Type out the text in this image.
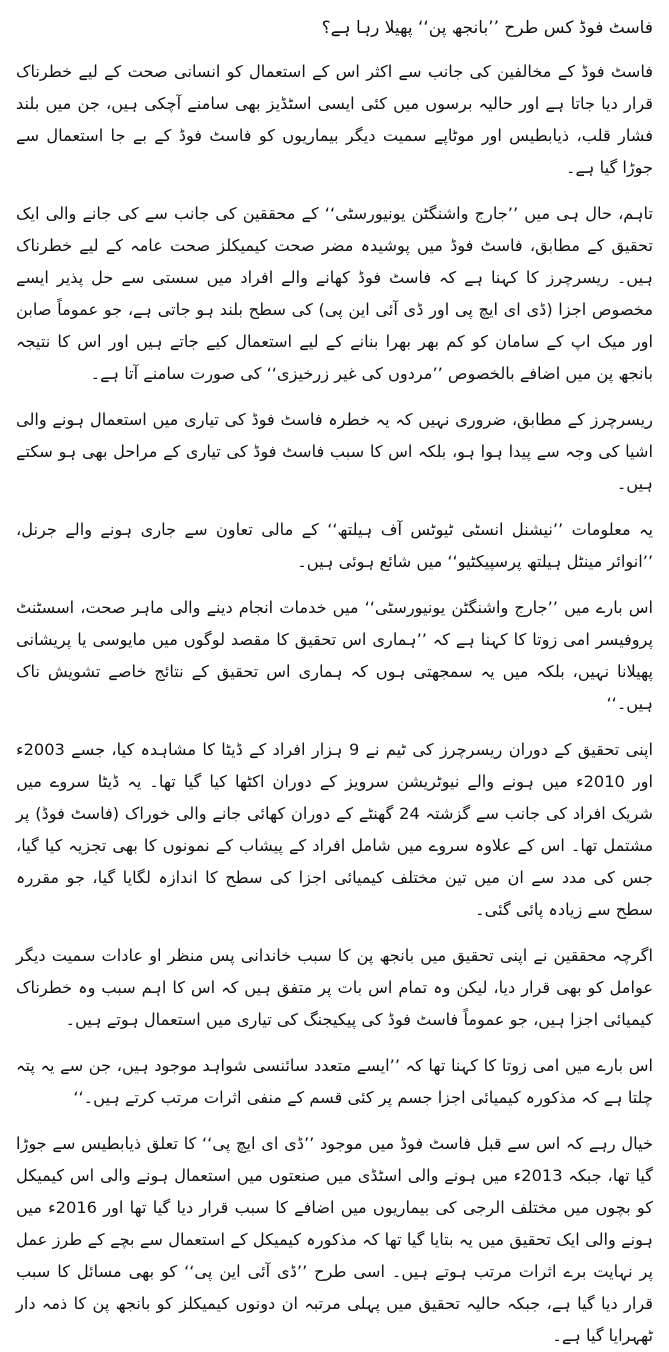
فاسٹ فوڈ کس طرح ’’بانجھ پن‘‘ پھیلا رہا ہے؟

فاسٹ فوڈ کے مخالفین کی جانب سے اکثر اس کے استعمال کو انسانی صحت کے لیے خطرناک قرار دیا جاتا ہے اور حالیہ برسوں میں کئی ایسی اسٹڈیز بھی سامنے آچکی ہیں، جن میں بلند فشار قلب، ذیابطیس اور موٹاپے سمیت دیگر بیماریوں کو فاسٹ فوڈ کے بے جا استعمال سے جوڑا گیا ہے۔

تاہم، حال ہی میں ’’جارج واشنگٹن یونیورسٹی‘‘ کے محققین کی جانب سے کی جانے والی ایک تحقیق کے مطابق، فاسٹ فوڈ میں پوشیدہ مضر صحت کیمیکلز صحت عامہ کے لیے خطرناک ہیں۔ ریسرچرز کا کہنا ہے کہ فاسٹ فوڈ کھانے والے افراد میں سستی سے حل پذیر ایسے مخصوص اجزا (ڈی ای ایچ پی اور ڈی آئی این پی) کی سطح بلند ہو جاتی ہے، جو عموماً صابن اور میک اپ کے سامان کو کم بھر بھرا بنانے کے لیے استعمال کیے جاتے ہیں اور اس کا نتیجہ بانجھ پن میں اضافے بالخصوص ’’مردوں کی غیر زرخیزی‘‘ کی صورت سامنے آتا ہے۔

ریسرچرز کے مطابق، ضروری نہیں کہ یہ خطرہ فاسٹ فوڈ کی تیاری میں استعمال ہونے والی اشیا کی وجہ سے پیدا ہوا ہو، بلکہ اس کا سبب فاسٹ فوڈ کی تیاری کے مراحل بھی ہو سکتے ہیں۔

یہ معلومات ’’نیشنل انسٹی ٹیوٹس آف ہیلتھ‘‘ کے مالی تعاون سے جاری ہونے والے جرنل، ’’انوائر مینٹل ہیلتھ پرسپیکٹیو‘‘ میں شائع ہوئی ہیں۔

اس بارے میں ’’جارج واشنگٹن یونیورسٹی‘‘ میں خدمات انجام دینے والی ماہر صحت، اسسٹنٹ پروفیسر امی زوتا کا کہنا ہے کہ ’’ہماری اس تحقیق کا مقصد لوگوں میں مایوسی یا پریشانی پھیلانا نہیں، بلکہ میں یہ سمجھتی ہوں کہ ہماری اس تحقیق کے نتائج خاصے تشویش ناک ہیں۔‘‘

اپنی تحقیق کے دوران ریسرچرز کی ٹیم نے 9 ہزار افراد کے ڈیٹا کا مشاہدہ کیا، جسے 2003ء اور 2010ء میں ہونے والے نیوٹریشن سرویز کے دوران اکٹھا کیا گیا تھا۔ یہ ڈیٹا سروے میں شریک افراد کی جانب سے گزشتہ 24 گھنٹے کے دوران کھائی جانے والی خوراک (فاسٹ فوڈ) پر مشتمل تھا۔ اس کے علاوہ سروے میں شامل افراد کے پیشاب کے نمونوں کا بھی تجزیہ کیا گیا، جس کی مدد سے ان میں تین مختلف کیمیائی اجزا کی سطح کا اندازہ لگایا گیا، جو مقررہ سطح سے زیادہ پائی گئی۔

اگرچہ محققین نے اپنی تحقیق میں بانجھ پن کا سبب خاندانی پس منظر او عادات سمیت دیگر عوامل کو بھی قرار دیا، لیکن وہ تمام اس بات پر متفق ہیں کہ اس کا اہم سبب وہ خطرناک کیمیائی اجزا ہیں، جو عموماً فاسٹ فوڈ کی پیکیجنگ کی تیاری میں استعمال ہوتے ہیں۔

اس بارے میں امی زوتا کا کہنا تھا کہ ’’ایسے متعدد سائنسی شواہد موجود ہیں، جن سے یہ پتہ چلتا ہے کہ مذکورہ کیمیائی اجزا جسم پر کئی قسم کے منفی اثرات مرتب کرتے ہیں۔‘‘

خیال رہے کہ اس سے قبل فاسٹ فوڈ میں موجود ’’ڈی ای ایچ پی‘‘ کا تعلق ذیابطیس سے جوڑا گیا تھا، جبکہ 2013ء میں ہونے والی اسٹڈی میں صنعتوں میں استعمال ہونے والی اس کیمیکل کو بچوں میں مختلف الرجی کی بیماریوں میں اضافے کا سبب قرار دیا گیا تھا اور 2016ء میں ہونے والی ایک تحقیق میں یہ بتایا گیا تھا کہ مذکورہ کیمیکل کے استعمال سے بچے کے طرز عمل پر نہایت برے اثرات مرتب ہوتے ہیں۔ اسی طرح ’’ڈی آئی این پی‘‘ کو بھی مسائل کا سبب قرار دیا گیا ہے، جبکہ حالیہ تحقیق میں پہلی مرتبہ ان دونوں کیمیکلز کو بانجھ پن کا ذمہ دار ٹھہرایا گیا ہے۔
